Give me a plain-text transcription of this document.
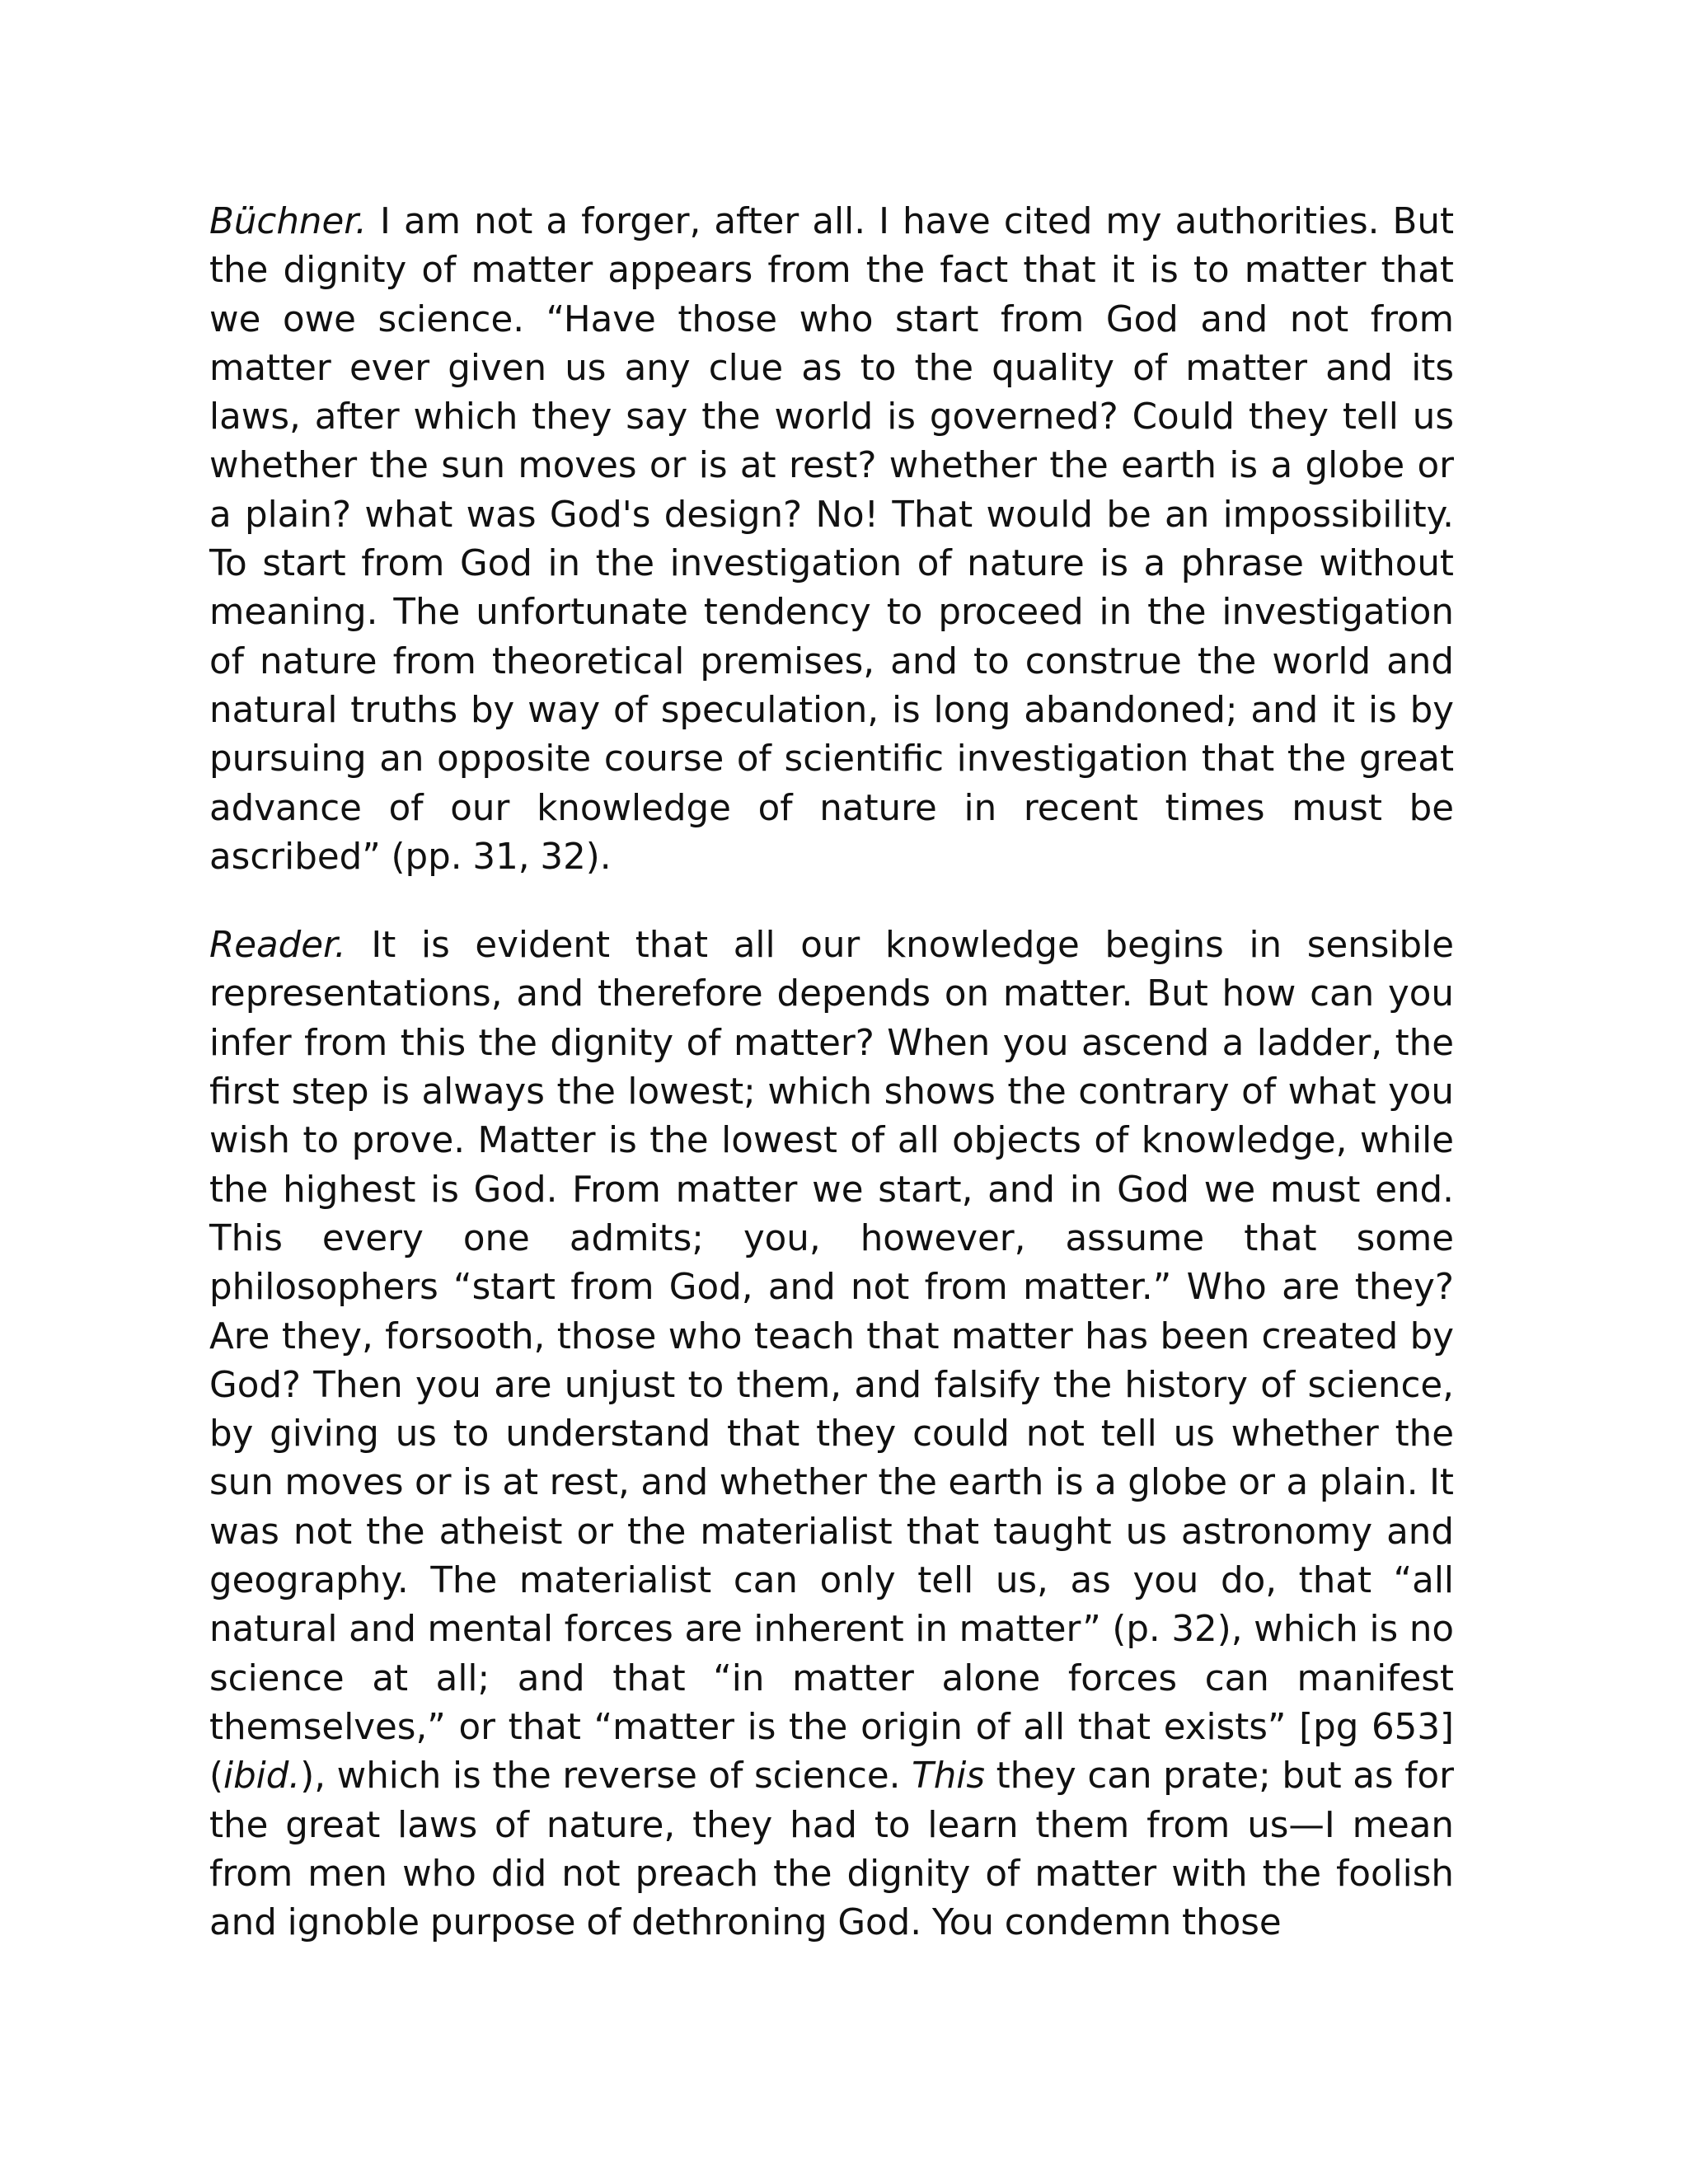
Büchner. I am not a forger, after all. I have cited my authorities. But the dignity of matter appears from the fact that it is to matter that we owe science. “Have those who start from God and not from matter ever given us any clue as to the quality of matter and its laws, after which they say the world is governed? Could they tell us whether the sun moves or is at rest? whether the earth is a globe or a plain? what was God's design? No! That would be an impossibility. To start from God in the investigation of nature is a phrase without meaning. The unfortunate tendency to proceed in the investigation of nature from theoretical premises, and to construe the world and natural truths by way of speculation, is long abandoned; and it is by pursuing an opposite course of scientific investigation that the great advance of our knowledge of nature in recent times must be ascribed” (pp. 31, 32).

Reader. It is evident that all our knowledge begins in sensible representations, and therefore depends on matter. But how can you infer from this the dignity of matter? When you ascend a ladder, the first step is always the lowest; which shows the contrary of what you wish to prove. Matter is the lowest of all objects of knowledge, while the highest is God. From matter we start, and in God we must end. This every one admits; you, however, assume that some philosophers “start from God, and not from matter.” Who are they? Are they, forsooth, those who teach that matter has been created by God? Then you are unjust to them, and falsify the history of science, by giving us to understand that they could not tell us whether the sun moves or is at rest, and whether the earth is a globe or a plain. It was not the atheist or the materialist that taught us astronomy and geography. The materialist can only tell us, as you do, that “all natural and mental forces are inherent in matter” (p. 32), which is no science at all; and that “in matter alone forces can manifest themselves,” or that “matter is the origin of all that exists” [pg 653] (ibid.), which is the reverse of science. This they can prate; but as for the great laws of nature, they had to learn them from us—I mean from men who did not preach the dignity of matter with the foolish and ignoble purpose of dethroning God. You condemn those
